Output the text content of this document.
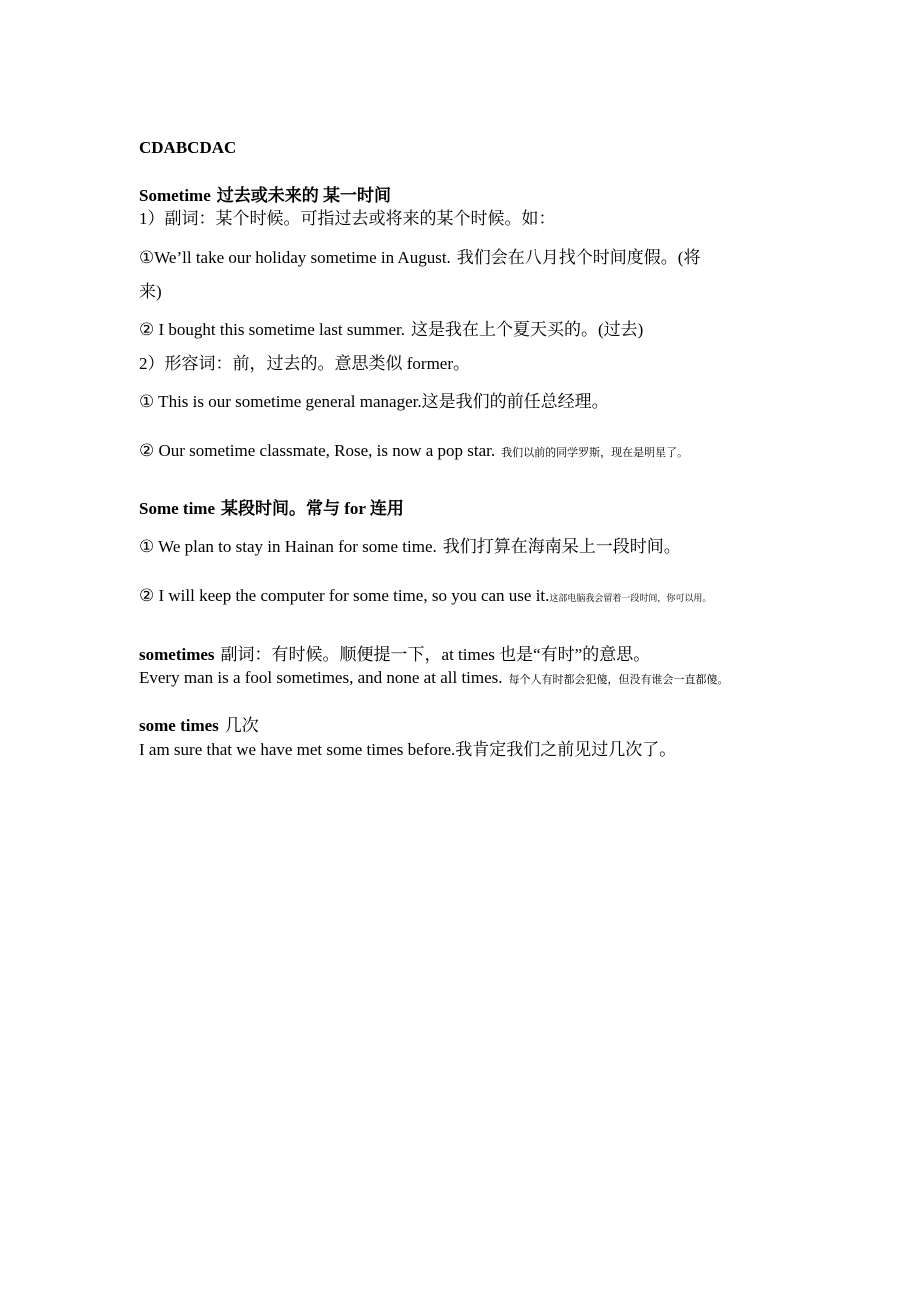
CDABCDAC
Sometime 过去或未来的 某一时间
1）副词：某个时候。可指过去或将来的某个时候。如：
①We’ll take our holiday sometime in August. 我们会在八月找个时间度假。(将
来)
② I bought this sometime last summer. 这是我在上个夏天买的。(过去)
2）形容词：前，过去的。意思类似 former。
① This is our sometime general manager.这是我们的前任总经理。
② Our sometime classmate, Rose, is now a pop star. 我们以前的同学罗斯，现在是明星了。
Some time 某段时间。常与 for 连用
① We plan to stay in Hainan for some time. 我们打算在海南呆上一段时间。
② I will keep the computer for some time, so you can use it.这部电脑我会留着一段时间，你可以用。
sometimes 副词：有时候。顺便提一下，at times 也是“有时”的意思。
Every man is a fool sometimes, and none at all times. 每个人有时都会犯傻，但没有谁会一直都傻。
some times 几次
I am sure that we have met some times before.我肯定我们之前见过几次了。
